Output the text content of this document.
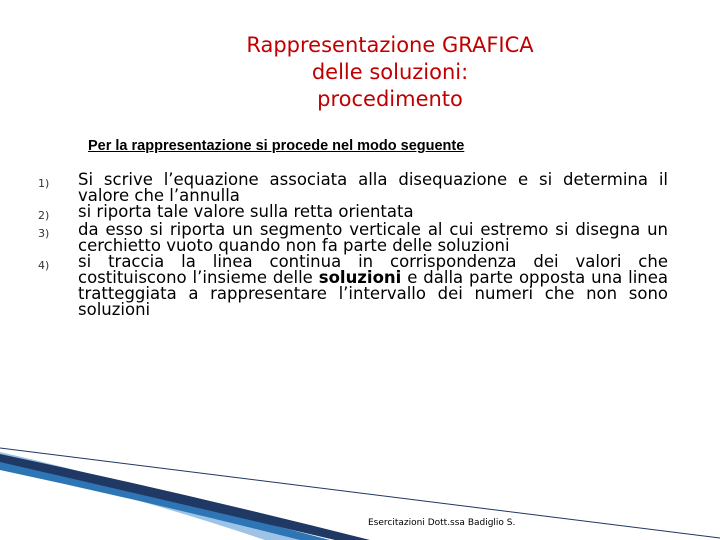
Rappresentazione GRAFICA
delle soluzioni:
procedimento
Per la rappresentazione si procede nel modo seguente
1)	Si scrive l’equazione associata alla disequazione e si determina il valore che l’annulla
2)	si riporta tale valore sulla retta orientata
3)	da esso si riporta un segmento verticale al cui estremo si disegna un cerchietto vuoto quando non fa parte delle soluzioni
4)	si traccia la linea continua in corrispondenza dei valori che costituiscono l’insieme delle soluzioni e dalla parte opposta una linea tratteggiata a rappresentare l’intervallo dei numeri che non sono soluzioni
Esercitazioni Dott.ssa Badiglio S.
